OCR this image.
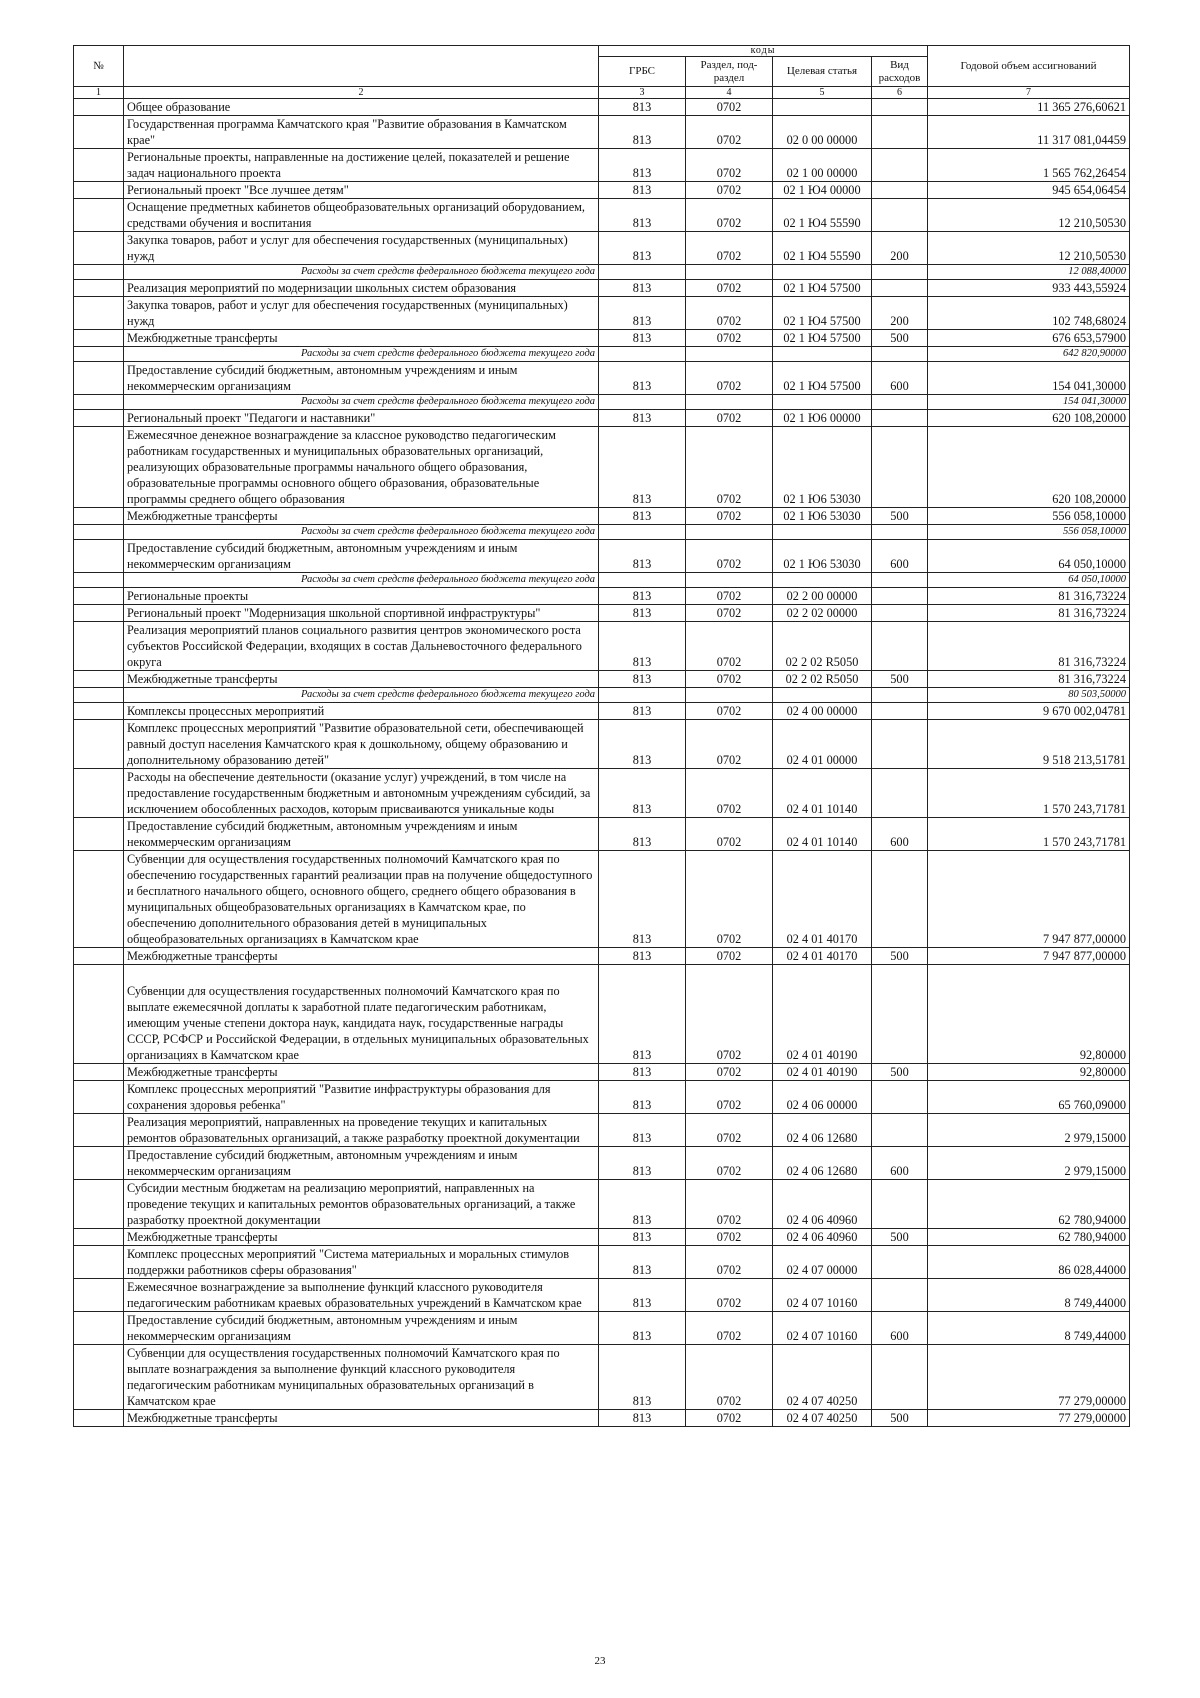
№		коды				Годовой объем ассигнований
		ГРБС	Раздел, под-раздел	Целевая статья	Вид расходов	
1	2	3	4	5	6	7
	Общее образование	813	0702			11 365 276,60621
	Государственная программа Камчатского края "Развитие образования в Камчатском крае"	813	0702	02 0 00 00000		11 317 081,04459
	Региональные проекты, направленные на достижение целей, показателей и решение задач национального проекта	813	0702	02 1 00 00000		1 565 762,26454
	Региональный проект "Все лучшее детям"	813	0702	02 1 Ю4 00000		945 654,06454
	Оснащение предметных кабинетов общеобразовательных организаций оборудованием, средствами обучения и воспитания	813	0702	02 1 Ю4 55590		12 210,50530
	Закупка товаров, работ и услуг для обеспечения государственных (муниципальных) нужд	813	0702	02 1 Ю4 55590	200	12 210,50530
	Расходы за счет средств федерального бюджета текущего года					12 088,40000
	Реализация мероприятий по модернизации школьных систем образования	813	0702	02 1 Ю4 57500		933 443,55924
	Закупка товаров, работ и услуг для обеспечения государственных (муниципальных) нужд	813	0702	02 1 Ю4 57500	200	102 748,68024
	Межбюджетные трансферты	813	0702	02 1 Ю4 57500	500	676 653,57900
	Расходы за счет средств федерального бюджета текущего года					642 820,90000
	Предоставление субсидий бюджетным, автономным учреждениям и иным некоммерческим организациям	813	0702	02 1 Ю4 57500	600	154 041,30000
	Расходы за счет средств федерального бюджета текущего года					154 041,30000
	Региональный проект "Педагоги и наставники"	813	0702	02 1 Ю6 00000		620 108,20000
	Ежемесячное денежное вознаграждение за классное руководство педагогическим работникам государственных и муниципальных образовательных организаций, реализующих образовательные программы начального общего образования, образовательные программы основного общего образования, образовательные программы среднего общего образования	813	0702	02 1 Ю6 53030		620 108,20000
	Межбюджетные трансферты	813	0702	02 1 Ю6 53030	500	556 058,10000
	Расходы за счет средств федерального бюджета текущего года					556 058,10000
	Предоставление субсидий бюджетным, автономным учреждениям и иным некоммерческим организациям	813	0702	02 1 Ю6 53030	600	64 050,10000
	Расходы за счет средств федерального бюджета текущего года					64 050,10000
	Региональные проекты	813	0702	02 2 00 00000		81 316,73224
	Региональный проект "Модернизация школьной спортивной инфраструктуры"	813	0702	02 2 02 00000		81 316,73224
	Реализация мероприятий планов социального развития центров экономического роста субъектов Российской Федерации, входящих в состав Дальневосточного федерального округа	813	0702	02 2 02 R5050		81 316,73224
	Межбюджетные трансферты	813	0702	02 2 02 R5050	500	81 316,73224
	Расходы за счет средств федерального бюджета текущего года					80 503,50000
	Комплексы процессных мероприятий	813	0702	02 4 00 00000		9 670 002,04781
	Комплекс процессных мероприятий "Развитие образовательной сети, обеспечивающей равный доступ населения Камчатского края к дошкольному, общему образованию и дополнительному образованию детей"	813	0702	02 4 01 00000		9 518 213,51781
	Расходы на обеспечение деятельности (оказание услуг) учреждений, в том числе на предоставление государственным бюджетным и автономным учреждениям субсидий, за исключением обособленных расходов, которым присваиваются уникальные коды	813	0702	02 4 01 10140		1 570 243,71781
	Предоставление субсидий бюджетным, автономным учреждениям и иным некоммерческим организациям	813	0702	02 4 01 10140	600	1 570 243,71781
	Субвенции для осуществления государственных полномочий Камчатского края по обеспечению государственных гарантий реализации прав на получение общедоступного и бесплатного начального общего, основного общего, среднего общего образования в муниципальных общеобразовательных организациях в Камчатском крае, по обеспечению дополнительного образования детей в муниципальных общеобразовательных организациях в Камчатском крае	813	0702	02 4 01 40170		7 947 877,00000
	Межбюджетные трансферты	813	0702	02 4 01 40170	500	7 947 877,00000
	Субвенции для осуществления государственных полномочий Камчатского края по выплате ежемесячной доплаты к заработной плате педагогическим работникам, имеющим ученые степени доктора наук, кандидата наук, государственные награды СССР, РСФСР и Российской Федерации, в отдельных муниципальных образовательных организациях в Камчатском крае	813	0702	02 4 01 40190		92,80000
	Межбюджетные трансферты	813	0702	02 4 01 40190	500	92,80000
	Комплекс процессных мероприятий "Развитие инфраструктуры образования для сохранения здоровья ребенка"	813	0702	02 4 06 00000		65 760,09000
	Реализация мероприятий, направленных на проведение текущих и капитальных ремонтов образовательных организаций, а также разработку проектной документации	813	0702	02 4 06 12680		2 979,15000
	Предоставление субсидий бюджетным, автономным учреждениям и иным некоммерческим организациям	813	0702	02 4 06 12680	600	2 979,15000
	Субсидии местным бюджетам на реализацию мероприятий, направленных на проведение текущих и капитальных ремонтов образовательных организаций, а также разработку проектной документации	813	0702	02 4 06 40960		62 780,94000
	Межбюджетные трансферты	813	0702	02 4 06 40960	500	62 780,94000
	Комплекс процессных мероприятий "Система материальных и моральных стимулов поддержки работников сферы образования"	813	0702	02 4 07 00000		86 028,44000
	Ежемесячное вознаграждение за выполнение функций классного руководителя педагогическим работникам краевых образовательных учреждений в Камчатском крае	813	0702	02 4 07 10160		8 749,44000
	Предоставление субсидий бюджетным, автономным учреждениям и иным некоммерческим организациям	813	0702	02 4 07 10160	600	8 749,44000
	Субвенции для осуществления государственных полномочий Камчатского края по выплате вознаграждения за выполнение функций классного руководителя педагогическим работникам муниципальных образовательных организаций в Камчатском крае	813	0702	02 4 07 40250		77 279,00000
	Межбюджетные трансферты	813	0702	02 4 07 40250	500	77 279,00000
23
